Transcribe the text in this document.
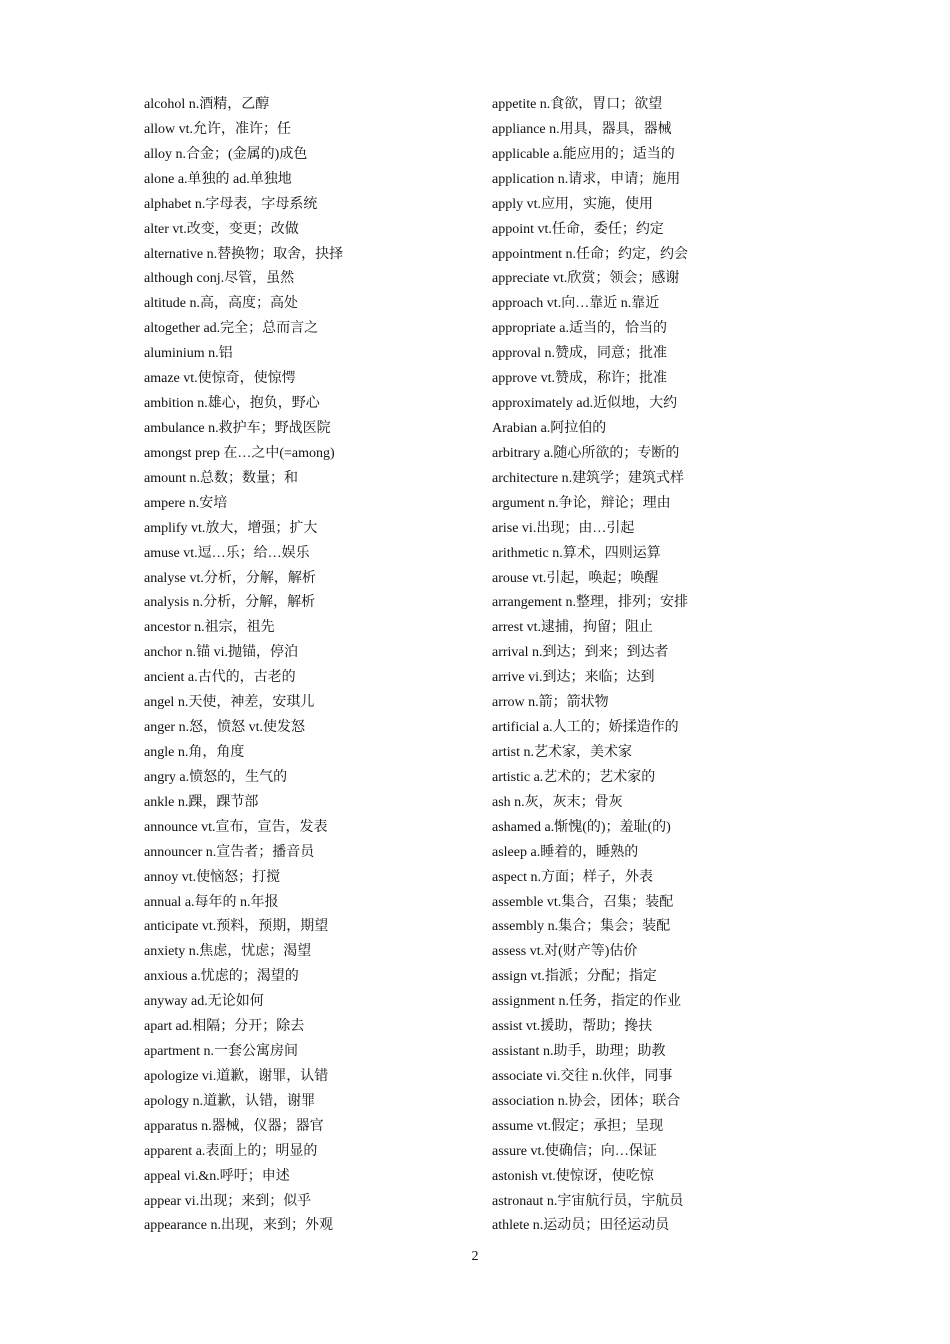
alcohol n.酒精，乙醇
allow vt.允许，准许；任
alloy n.合金；(金属的)成色
alone a.单独的 ad.单独地
alphabet n.字母表，字母系统
alter vt.改变，变更；改做
alternative n.替换物；取舍，抉择
although conj.尽管，虽然
altitude n.高，高度；高处
altogether ad.完全；总而言之
aluminium n.铝
amaze vt.使惊奇，使惊愕
ambition n.雄心，抱负，野心
ambulance n.救护车；野战医院
amongst prep 在…之中(=among)
amount n.总数；数量；和
ampere n.安培
amplify vt.放大，增强；扩大
amuse vt.逗…乐；给…娱乐
analyse vt.分析，分解，解析
analysis n.分析，分解，解析
ancestor n.祖宗，祖先
anchor n.锚 vi.抛锚，停泊
ancient a.古代的，古老的
angel n.天使，神差，安琪儿
anger n.怒，愤怒 vt.使发怒
angle n.角，角度
angry a.愤怒的，生气的
ankle n.踝，踝节部
announce vt.宣布，宣告，发表
announcer n.宣告者；播音员
annoy vt.使恼怒；打搅
annual a.每年的 n.年报
anticipate vt.预料，预期，期望
anxiety n.焦虑，忧虑；渴望
anxious a.忧虑的；渴望的
anyway ad.无论如何
apart ad.相隔；分开；除去
apartment n.一套公寓房间
apologize vi.道歉，谢罪，认错
apology n.道歉，认错，谢罪
apparatus n.器械，仪器；器官
apparent a.表面上的；明显的
appeal vi.&n.呼吁；申述
appear vi.出现；来到；似乎
appearance n.出现，来到；外观
appetite n.食欲，胃口；欲望
appliance n.用具，器具，器械
applicable a.能应用的；适当的
application n.请求，申请；施用
apply vt.应用，实施，使用
appoint vt.任命，委任；约定
appointment n.任命；约定，约会
appreciate vt.欣赏；领会；感谢
approach vt.向…靠近 n.靠近
appropriate a.适当的，恰当的
approval n.赞成，同意；批准
approve vt.赞成，称许；批准
approximately ad.近似地，大约
Arabian a.阿拉伯的
arbitrary a.随心所欲的；专断的
architecture n.建筑学；建筑式样
argument n.争论，辩论；理由
arise vi.出现；由…引起
arithmetic n.算术，四则运算
arouse vt.引起，唤起；唤醒
arrangement n.整理，排列；安排
arrest vt.逮捕，拘留；阻止
arrival n.到达；到来；到达者
arrive vi.到达；来临；达到
arrow n.箭；箭状物
artificial a.人工的；娇揉造作的
artist n.艺术家，美术家
artistic a.艺术的；艺术家的
ash n.灰，灰末；骨灰
ashamed a.惭愧(的)；羞耻(的)
asleep a.睡着的，睡熟的
aspect n.方面；样子，外表
assemble vt.集合，召集；装配
assembly n.集合；集会；装配
assess vt.对(财产等)估价
assign vt.指派；分配；指定
assignment n.任务，指定的作业
assist vt.援助，帮助；搀扶
assistant n.助手，助理；助教
associate vi.交往 n.伙伴，同事
association n.协会，团体；联合
assume vt.假定；承担；呈现
assure vt.使确信；向…保证
astonish vt.使惊讶，使吃惊
astronaut n.宇宙航行员，宇航员
athlete n.运动员；田径运动员
2
